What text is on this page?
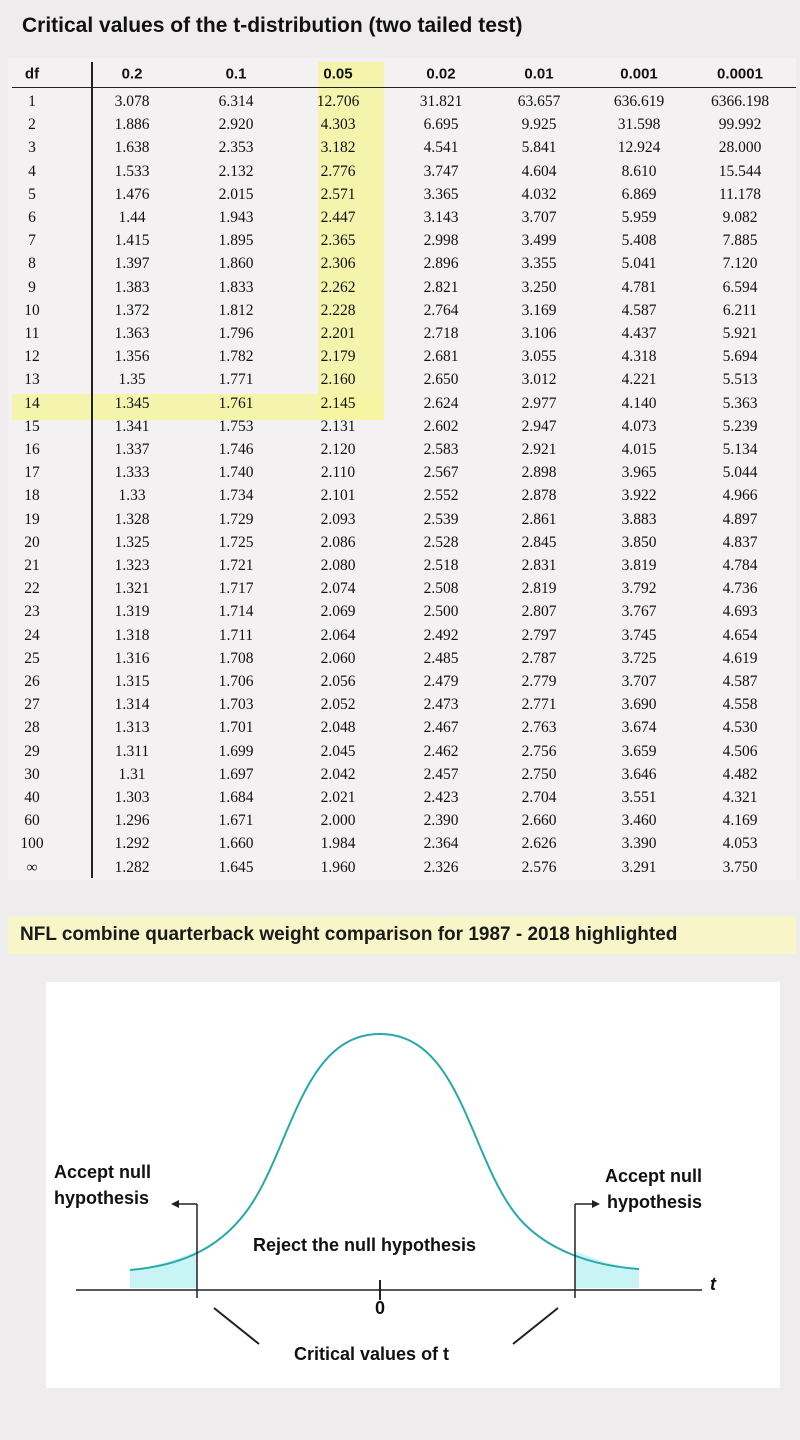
Critical values of the t-distribution (two tailed test)
df	0.2	0.1	0.05	0.02	0.01	0.001	0.0001
1	3.078	6.314	12.706	31.821	63.657	636.619	6366.198
2	1.886	2.920	4.303	6.695	9.925	31.598	99.992
3	1.638	2.353	3.182	4.541	5.841	12.924	28.000
4	1.533	2.132	2.776	3.747	4.604	8.610	15.544
5	1.476	2.015	2.571	3.365	4.032	6.869	11.178
6	1.44	1.943	2.447	3.143	3.707	5.959	9.082
7	1.415	1.895	2.365	2.998	3.499	5.408	7.885
8	1.397	1.860	2.306	2.896	3.355	5.041	7.120
9	1.383	1.833	2.262	2.821	3.250	4.781	6.594
10	1.372	1.812	2.228	2.764	3.169	4.587	6.211
11	1.363	1.796	2.201	2.718	3.106	4.437	5.921
12	1.356	1.782	2.179	2.681	3.055	4.318	5.694
13	1.35	1.771	2.160	2.650	3.012	4.221	5.513
14	1.345	1.761	2.145	2.624	2.977	4.140	5.363
15	1.341	1.753	2.131	2.602	2.947	4.073	5.239
16	1.337	1.746	2.120	2.583	2.921	4.015	5.134
17	1.333	1.740	2.110	2.567	2.898	3.965	5.044
18	1.33	1.734	2.101	2.552	2.878	3.922	4.966
19	1.328	1.729	2.093	2.539	2.861	3.883	4.897
20	1.325	1.725	2.086	2.528	2.845	3.850	4.837
21	1.323	1.721	2.080	2.518	2.831	3.819	4.784
22	1.321	1.717	2.074	2.508	2.819	3.792	4.736
23	1.319	1.714	2.069	2.500	2.807	3.767	4.693
24	1.318	1.711	2.064	2.492	2.797	3.745	4.654
25	1.316	1.708	2.060	2.485	2.787	3.725	4.619
26	1.315	1.706	2.056	2.479	2.779	3.707	4.587
27	1.314	1.703	2.052	2.473	2.771	3.690	4.558
28	1.313	1.701	2.048	2.467	2.763	3.674	4.530
29	1.311	1.699	2.045	2.462	2.756	3.659	4.506
30	1.31	1.697	2.042	2.457	2.750	3.646	4.482
40	1.303	1.684	2.021	2.423	2.704	3.551	4.321
60	1.296	1.671	2.000	2.390	2.660	3.460	4.169
100	1.292	1.660	1.984	2.364	2.626	3.390	4.053
∞	1.282	1.645	1.960	2.326	2.576	3.291	3.750
NFL combine quarterback weight comparison for 1987 - 2018 highlighted
t
0
Accept null
hypothesis
Accept null
hypothesis
Reject the null hypothesis
Critical values of t
